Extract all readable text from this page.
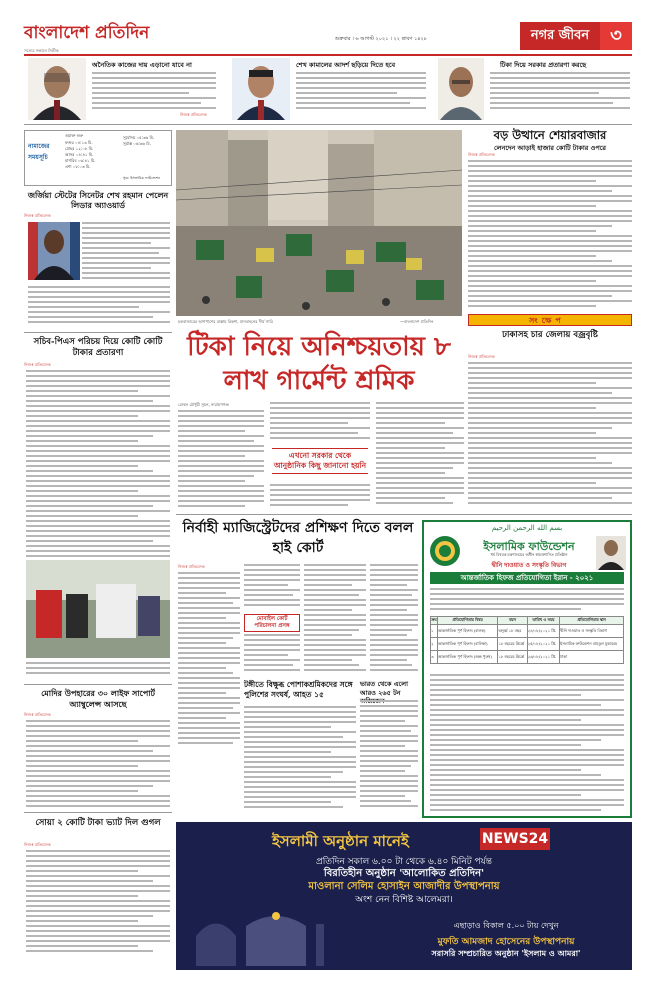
বাংলাদেশ প্রতিদিন
সত্যের সন্ধানে নির্ভীক
শুক্রবার । ৬ আগস্ট ২০২১ । ২২ শ্রাবণ ১৪২৮	নগর জীবন	৩
অনৈতিক কাজের দায় এড়ানো যাবে না
নিজস্ব প্রতিবেদক
শেখ কামালের আদর্শ ছড়িয়ে দিতে হবে	টিকা দিয়ে সরকার প্রতারণা করছে
নামাজের সময়সূচি
ওয়াক্ত শুরু
ফজর ০৪:১৩ মি.
যোহর ১২:০৮ মি.
আসর ০৪:৪১ মি.
মাগরিব ০৬:৪১ মি.
এশা ০৮:০৩ মি.
সূর্যোদয় ০৫:৩৬ মি.
সূর্যাস্ত ০৬:৩৬ মি.
সূত্র: ইসলামিক ফাউন্ডেশন
জর্জিয়া স্টেটের সিনেটর শেখ রহমান পেলেন লিডার অ্যাওয়ার্ড
নিজস্ব প্রতিবেদক
সচিব-পিএস পরিচয় দিয়ে কোটি কোটি টাকার প্রতারণা
নিজস্ব প্রতিবেদক
মোদির উপহারের ৩০ লাইফ সাপোর্ট অ্যাম্বুলেন্স আসছে
নিজস্ব প্রতিবেদক
সোয়া ২ কোটি টাকা ভ্যাট দিল গুগল
নিজস্ব প্রতিবেদক
চকবাজারের আশপাশের রাস্তায় রিকশা, যানবাহনের দীর্ঘ সারি	—বাংলাদেশ প্রতিদিন
টিকা নিয়ে অনিশ্চয়তায় ৮ লাখ গার্মেন্ট শ্রমিক
রোকন চৌধুরী সুমন, নারায়ণগঞ্জ
এখনো সরকার থেকে আনুষ্ঠানিক কিছু জানানো হয়নি
বড় উত্থানে শেয়ারবাজার
লেনদেন আড়াই হাজার কোটি টাকার ওপরে
নিজস্ব প্রতিবেদক
সংক্ষেপ
ঢাকাসহ চার জেলায় বজ্রবৃষ্টি
নিজস্ব প্রতিবেদক
নির্বাহী ম্যাজিস্ট্রেটদের প্রশিক্ষণ দিতে বলল হাই কোর্ট
নিজস্ব প্রতিবেদক
মোবাইল কোর্ট পরিচালনা প্রসঙ্গ
টঙ্গীতে বিক্ষুব্ধ পোশাকশ্রমিকদের সঙ্গে পুলিশের সংঘর্ষ, আহত ১৫
ভারত থেকে এলো আরও ২৬৫ টন
بسم الله الرحمن الرحيم
ইসলামিক ফাউন্ডেশন
ধর্ম বিষয়ক মন্ত্রণালয়ের অধীন স্বায়ত্তশাসিত প্রতিষ্ঠান
দ্বীনি দাওয়াত ও সংস্কৃতি বিভাগ
আন্তর্জাতিক হিফজ প্রতিযোগিতা ইরান - ২০২১
ক্রম	প্রতিযোগিতার বিষয়	বয়স	তারিখ ও সময়	প্রতিযোগিতার স্থান
১	আন্তর্জাতিক পূর্ণ হিফজ (বালক)	অনূর্ধ্ব ১৮ বছর	২৪/০৮/২০২১ খ্রি.	দ্বীনি দাওয়াত ও সংস্কৃতি বিভাগ
২	আন্তর্জাতিক পূর্ণ হিফজ (বালিকা)	১৮ বছরের ঊর্ধ্বে	২৫/০৮/২০২১ খ্রি.	ইসলামিক ফাউন্ডেশন বায়তুল মুকাররম
৩	আন্তর্জাতিক পূর্ণ হিফজ (অন্ধ পুরুষ)	১৮ বছরের ঊর্ধ্বে	২৬/০৮/২০২১ খ্রি.	ঢাকা
ইসলামী অনুষ্ঠান মানেই	NEWS24
প্রতিদিন সকাল ৬.০০ টা থেকে ৬.৪০ মিনিট পর্যন্ত
বিরতিহীন অনুষ্ঠান 'আলোকিত প্রতিদিন'
মাওলানা সেলিম হোসাইন আজাদীর উপস্থাপনায়
অংশ নেন বিশিষ্ট আলেমরা।
এছাড়াও বিকাল ৫.০০ টায় দেখুন
মুফতি আমজাদ হোসেনের উপস্থাপনায়
সরাসরি সম্প্রচারিত অনুষ্ঠান 'ইসলাম ও আমরা'
